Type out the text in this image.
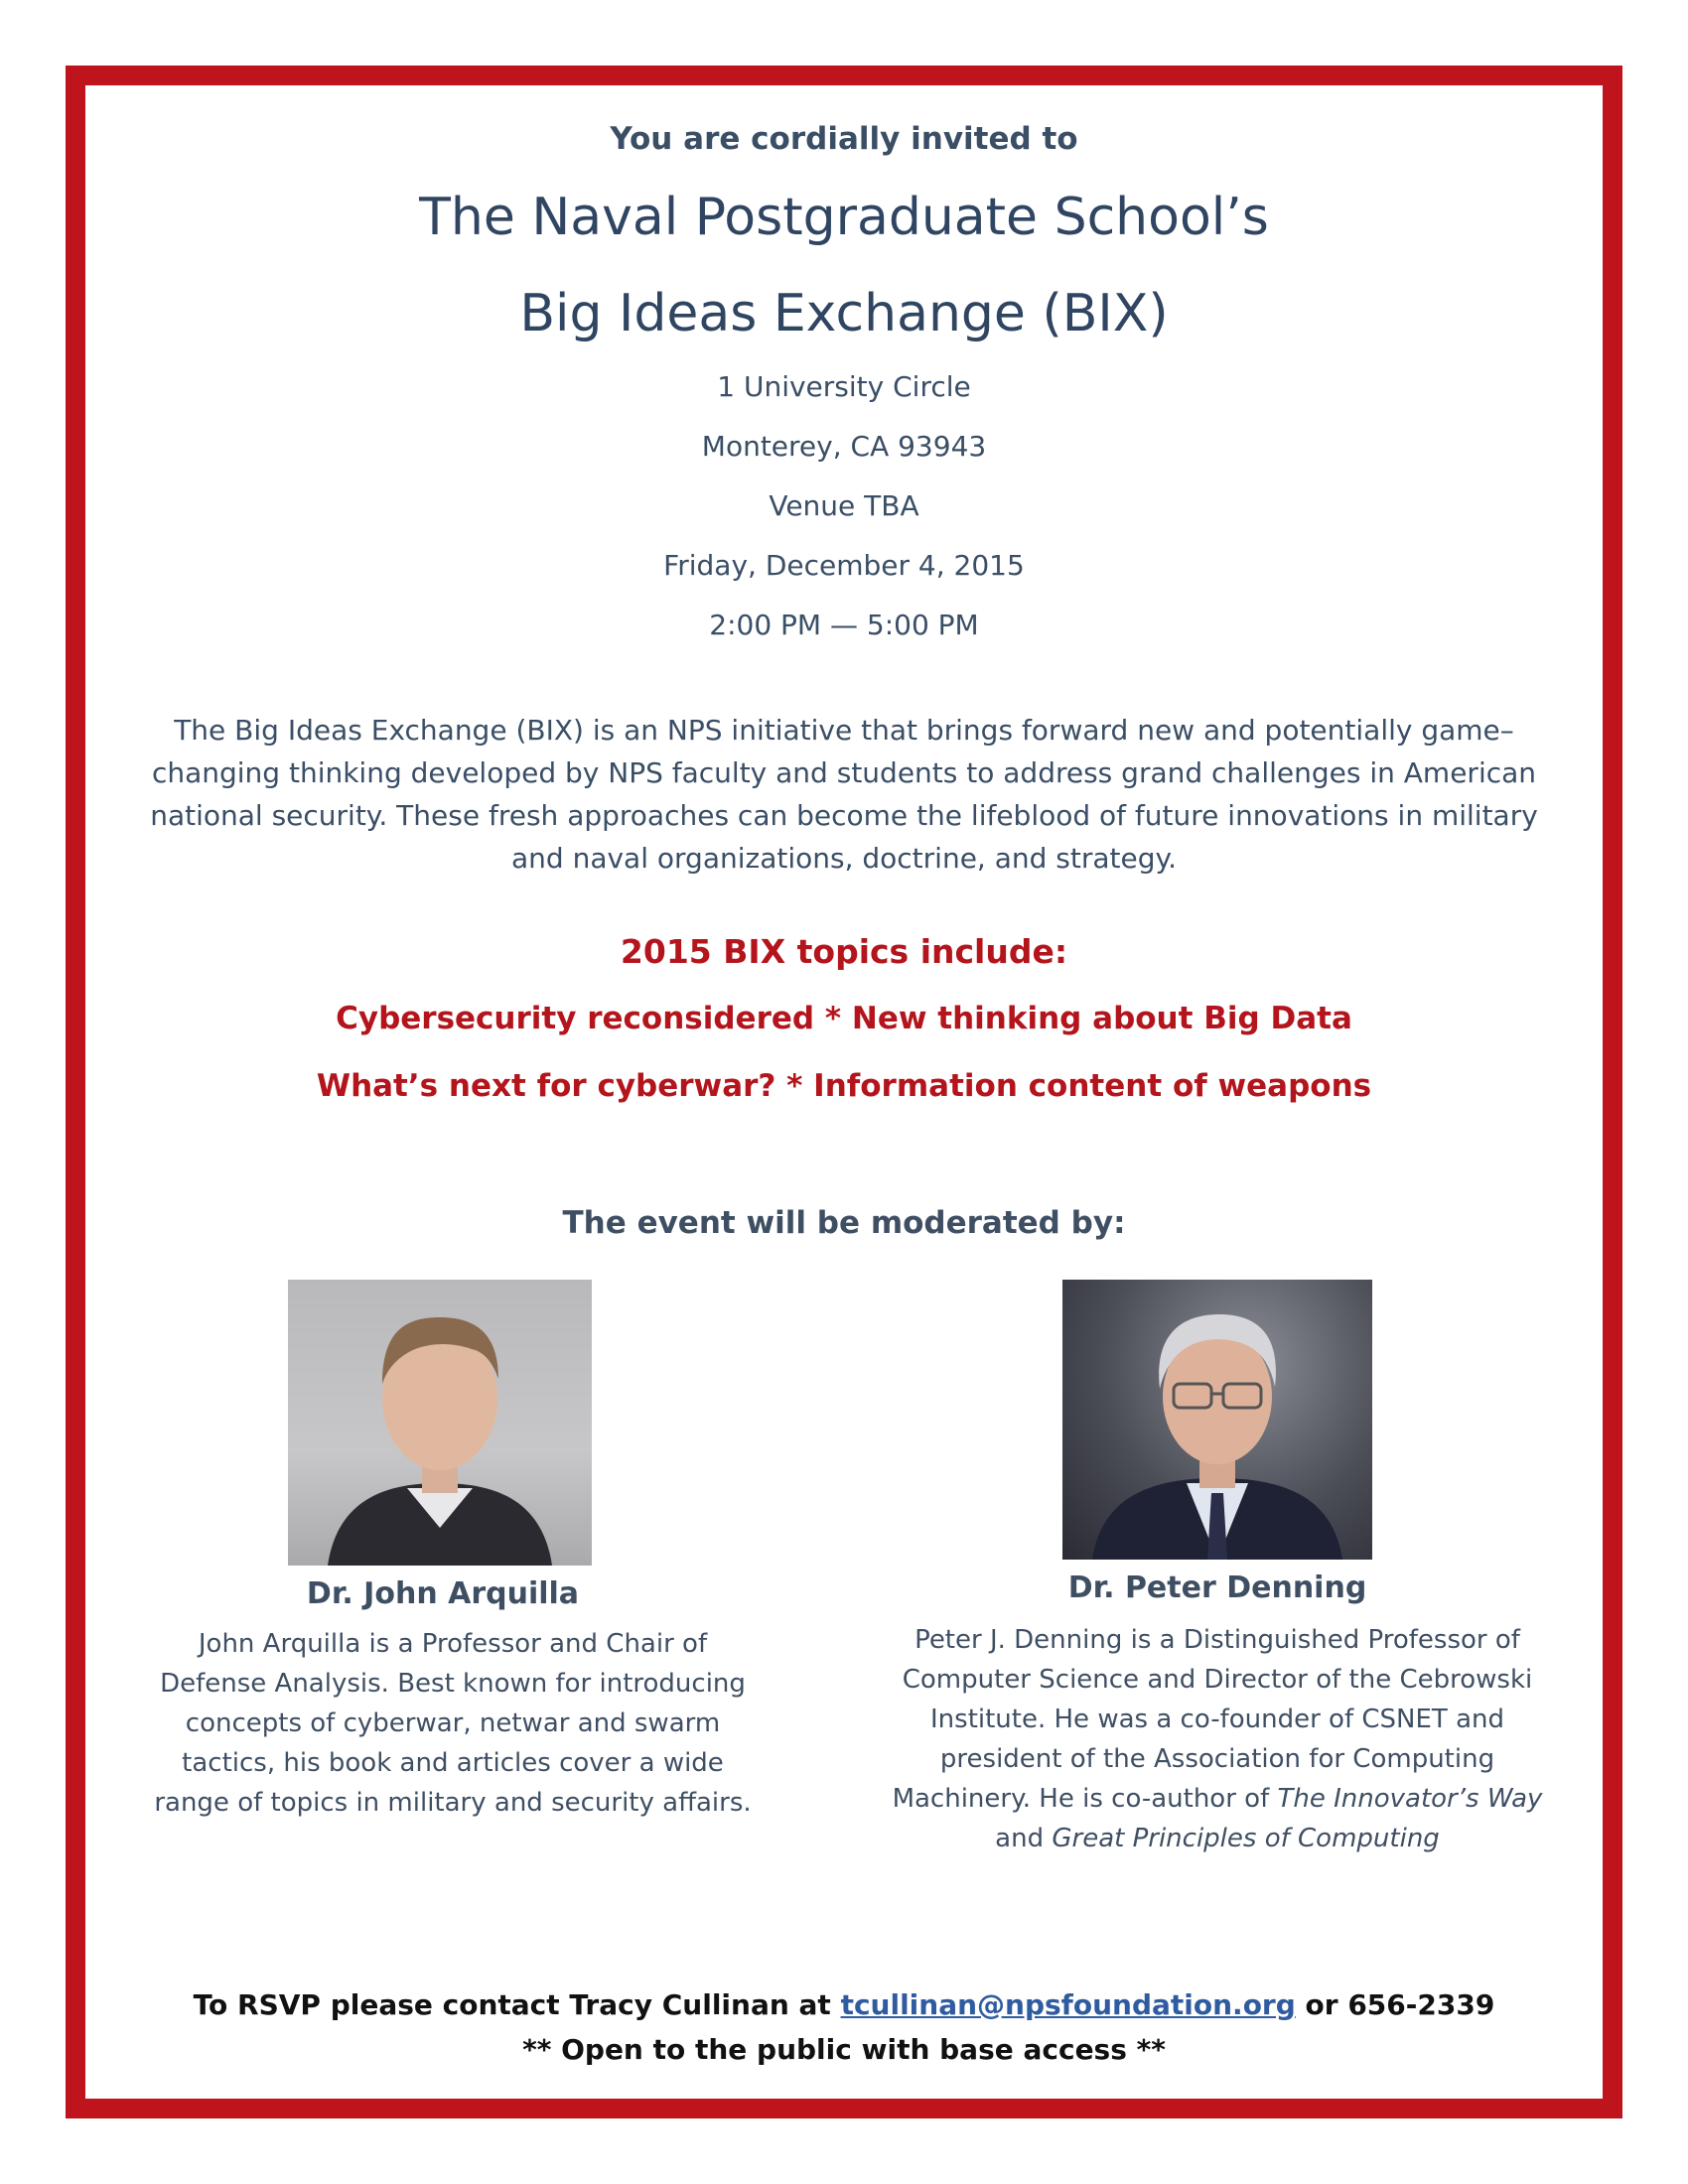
You are cordially invited to
The Naval Postgraduate School’s
Big Ideas Exchange (BIX)
1 University Circle
Monterey, CA 93943
Venue TBA
Friday, December 4, 2015
2:00 PM — 5:00 PM
The Big Ideas Exchange (BIX) is an NPS initiative that brings forward new and potentially game–changing thinking developed by NPS faculty and students to address grand challenges in American national security. These fresh approaches can become the lifeblood of future innovations in military and naval organizations, doctrine, and strategy.
2015 BIX topics include:
Cybersecurity reconsidered * New thinking about Big Data
What’s next for cyberwar? * Information content of weapons
The event will be moderated by:
Dr. John Arquilla
John Arquilla is a Professor and Chair of Defense Analysis. Best known for introducing concepts of cyberwar, netwar and swarm tactics, his book and articles cover a wide range of topics in military and security affairs.
Dr. Peter Denning
Peter J. Denning is a Distinguished Professor of Computer Science and Director of the Cebrowski Institute. He was a co-founder of CSNET and president of the Association for Computing Machinery. He is co-author of The Innovator’s Way and Great Principles of Computing
To RSVP please contact Tracy Cullinan at tcullinan@npsfoundation.org or 656-2339
** Open to the public with base access **
